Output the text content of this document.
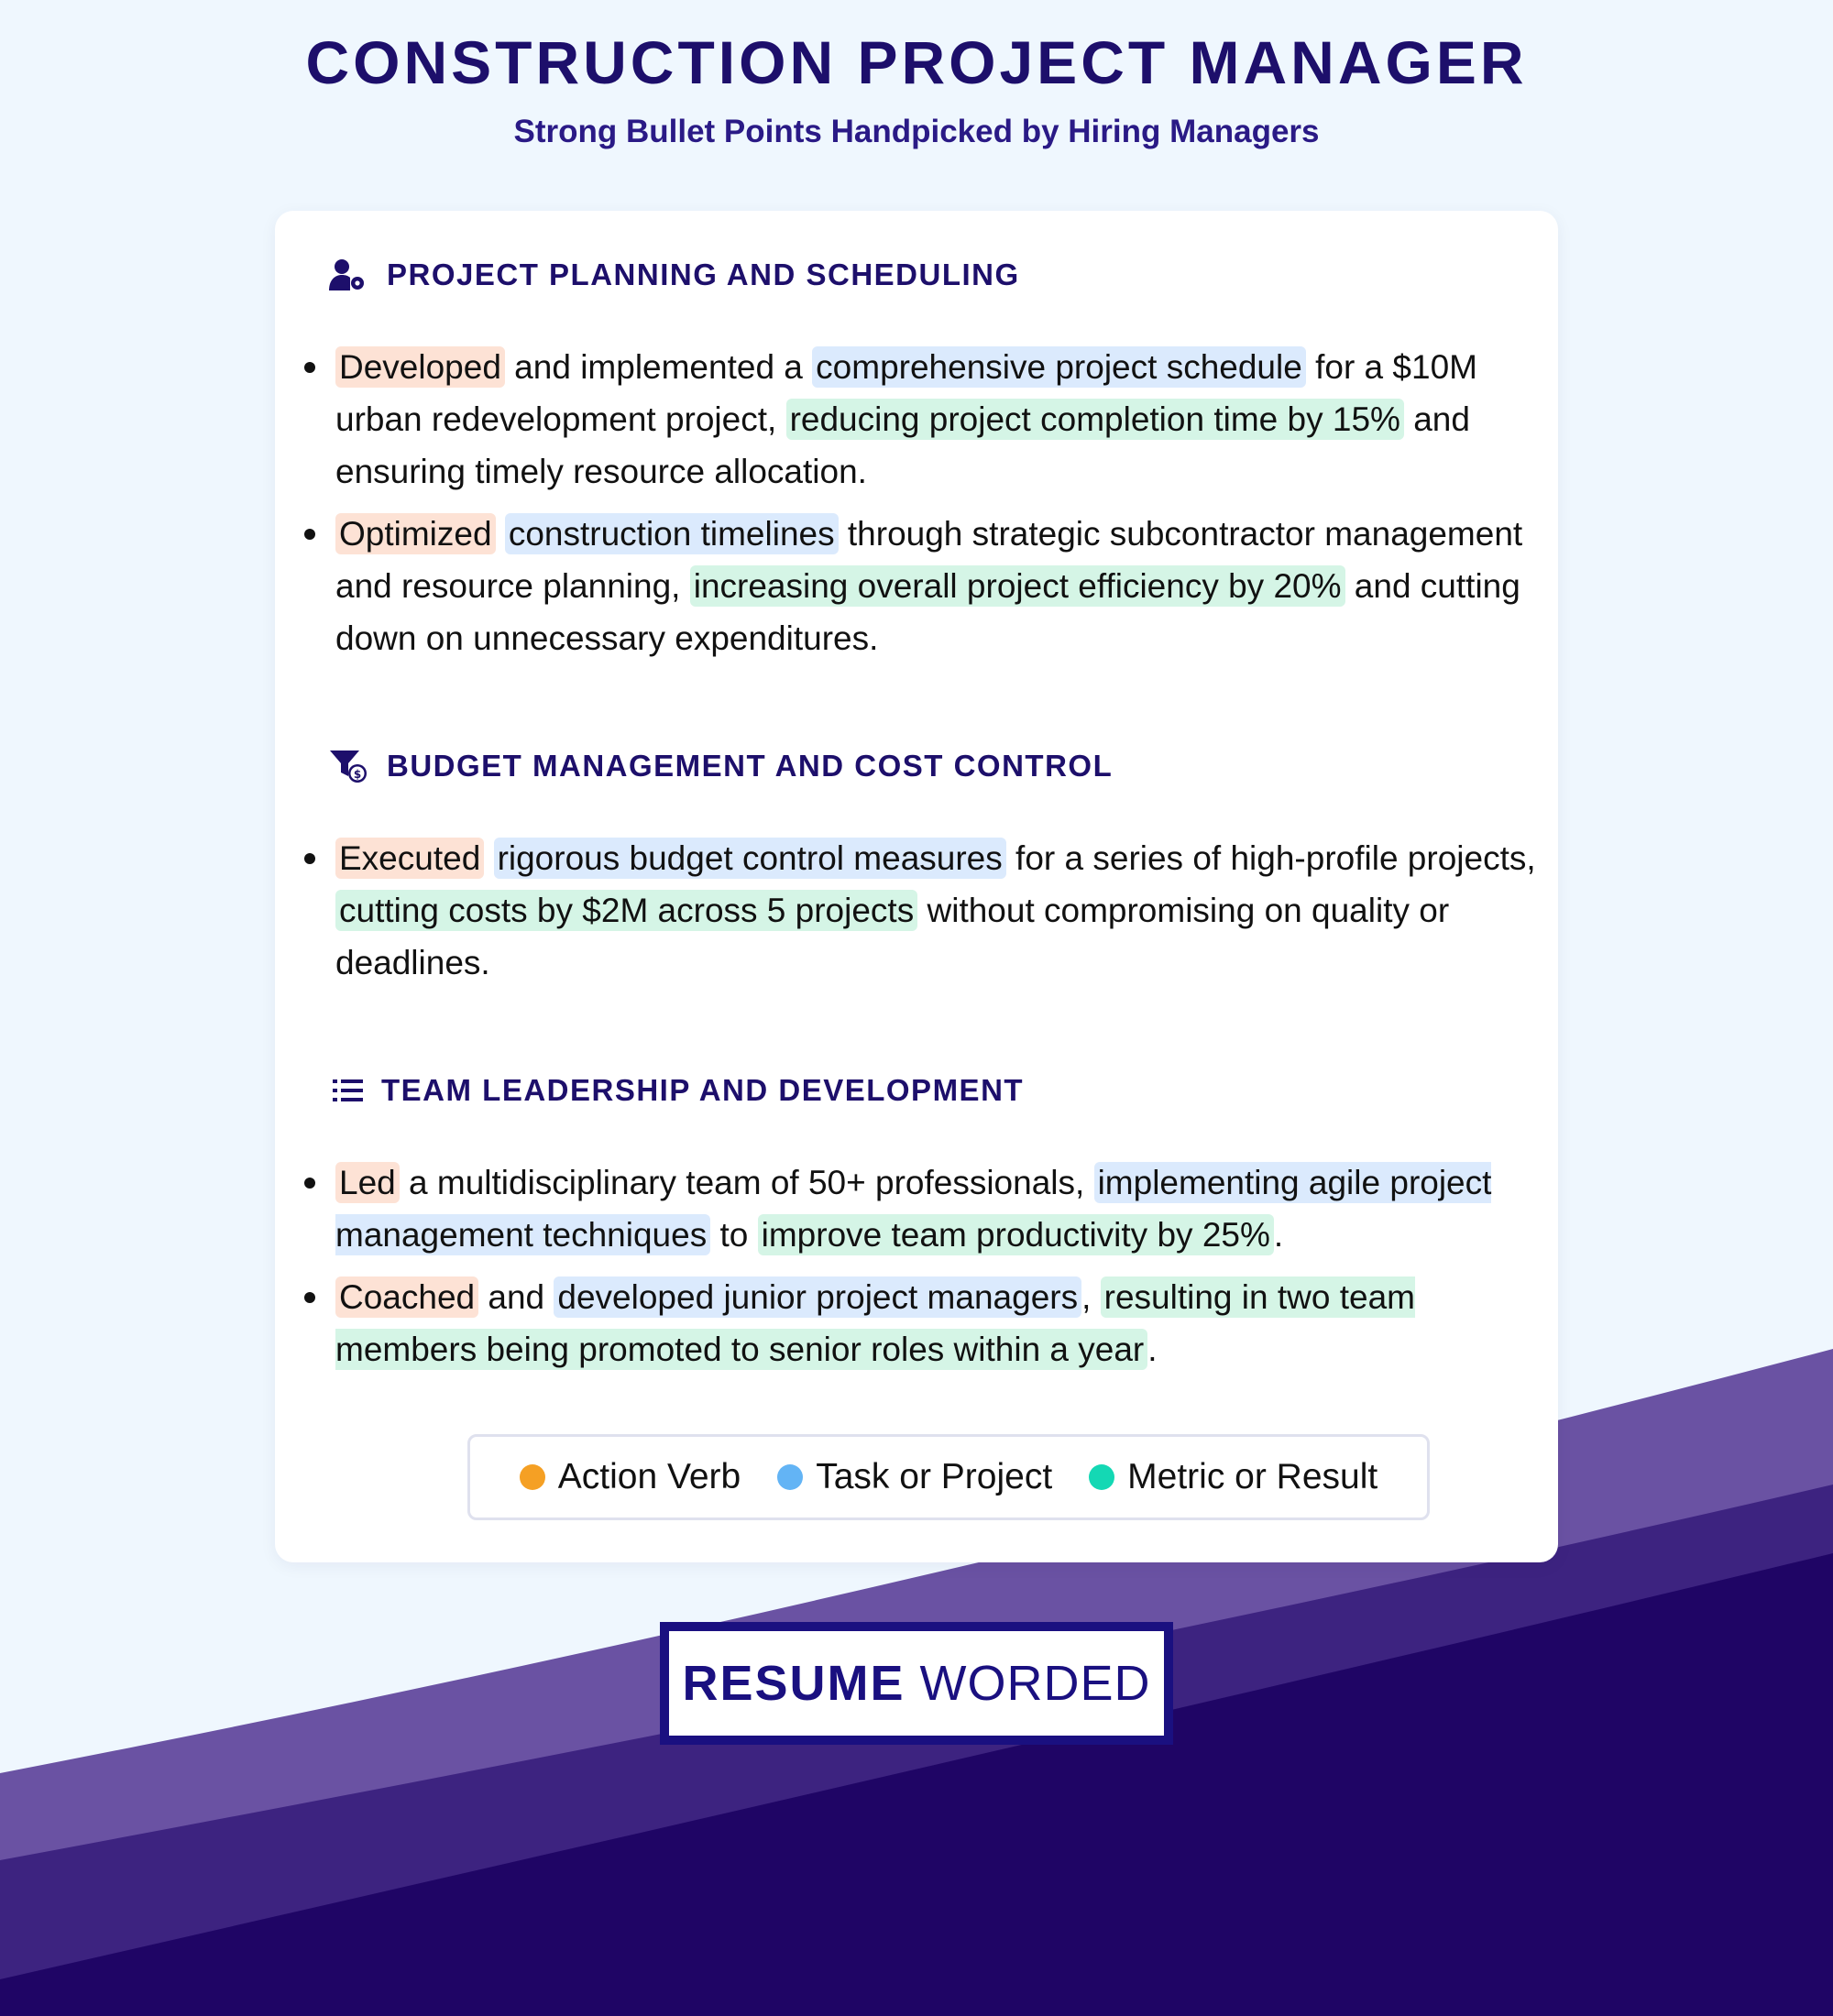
CONSTRUCTION PROJECT MANAGER
Strong Bullet Points Handpicked by Hiring Managers
PROJECT PLANNING AND SCHEDULING
Developed and implemented a comprehensive project schedule for a $10M urban redevelopment project, reducing project completion time by 15% and ensuring timely resource allocation.
Optimized construction timelines through strategic subcontractor management and resource planning, increasing overall project efficiency by 20% and cutting down on unnecessary expenditures.
$ BUDGET MANAGEMENT AND COST CONTROL
Executed rigorous budget control measures for a series of high-profile projects, cutting costs by $2M across 5 projects without compromising on quality or deadlines.
TEAM LEADERSHIP AND DEVELOPMENT
Led a multidisciplinary team of 50+ professionals, implementing agile project management techniques to improve team productivity by 25% .
Coached and developed junior project managers , resulting in two team members being promoted to senior roles within a year .
Action Verb Task or Project Metric or Result
RESUME WORDED
